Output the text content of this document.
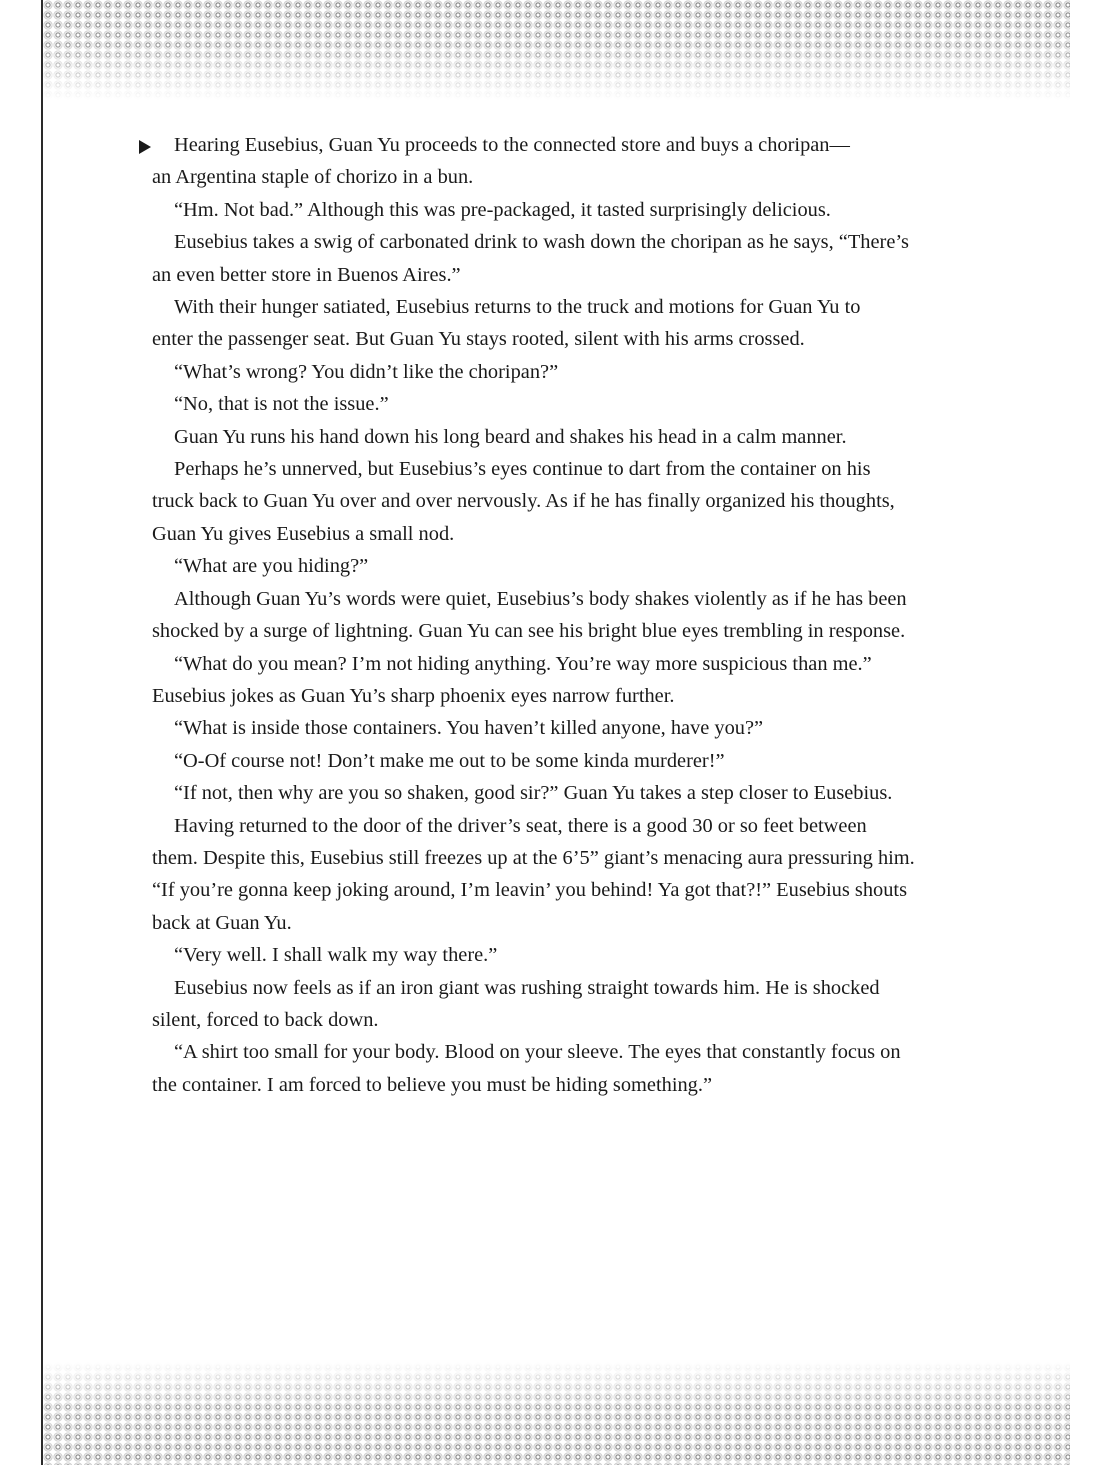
Hearing Eusebius, Guan Yu proceeds to the connected store and buys a choripan—
an Argentina staple of chorizo in a bun.

“Hm. Not bad.” Although this was pre-packaged, it tasted surprisingly delicious.

Eusebius takes a swig of carbonated drink to wash down the choripan as he says, “There’s
an even better store in Buenos Aires.”

With their hunger satiated, Eusebius returns to the truck and motions for Guan Yu to
enter the passenger seat. But Guan Yu stays rooted, silent with his arms crossed.

“What’s wrong? You didn’t like the choripan?”

“No, that is not the issue.”

Guan Yu runs his hand down his long beard and shakes his head in a calm manner.

Perhaps he’s unnerved, but Eusebius’s eyes continue to dart from the container on his
truck back to Guan Yu over and over nervously. As if he has finally organized his thoughts,
Guan Yu gives Eusebius a small nod.

“What are you hiding?”

Although Guan Yu’s words were quiet, Eusebius’s body shakes violently as if he has been
shocked by a surge of lightning. Guan Yu can see his bright blue eyes trembling in response.

“What do you mean? I’m not hiding anything. You’re way more suspicious than me.”
Eusebius jokes as Guan Yu’s sharp phoenix eyes narrow further.

“What is inside those containers. You haven’t killed anyone, have you?”

“O-Of course not! Don’t make me out to be some kinda murderer!”

“If not, then why are you so shaken, good sir?” Guan Yu takes a step closer to Eusebius.

Having returned to the door of the driver’s seat, there is a good 30 or so feet between
them. Despite this, Eusebius still freezes up at the 6’5” giant’s menacing aura pressuring him.
“If you’re gonna keep joking around, I’m leavin’ you behind! Ya got that?!” Eusebius shouts
back at Guan Yu.

“Very well. I shall walk my way there.”

Eusebius now feels as if an iron giant was rushing straight towards him. He is shocked
silent, forced to back down.

“A shirt too small for your body. Blood on your sleeve. The eyes that constantly focus on
the container. I am forced to believe you must be hiding something.”
